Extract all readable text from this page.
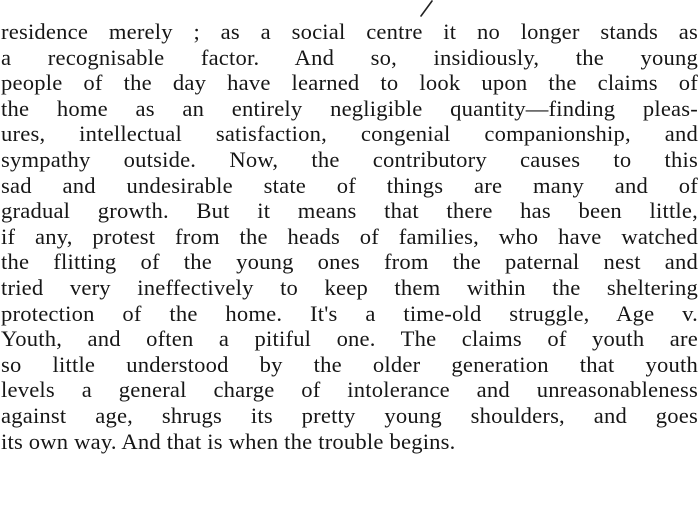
residence merely ; as a social centre it no longer stands as
a recognisable factor. And so, insidiously, the young
people of the day have learned to look upon the claims of
the home as an entirely negligible quantity—finding pleas-
ures, intellectual satisfaction, congenial companionship, and
sympathy outside. Now, the contributory causes to this
sad and undesirable state of things are many and of
gradual growth. But it means that there has been little,
if any, protest from the heads of families, who have watched
the flitting of the young ones from the paternal nest and
tried very ineffectively to keep them within the sheltering
protection of the home. It's a time-old struggle, Age v.
Youth, and often a pitiful one. The claims of youth are
so little understood by the older generation that youth
levels a general charge of intolerance and unreasonableness
against age, shrugs its pretty young shoulders, and goes
its own way. And that is when the trouble begins.
